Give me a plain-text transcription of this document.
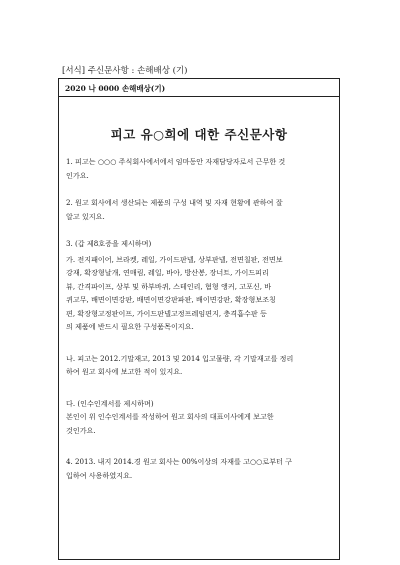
[서식] 주신문사항 : 손해배상 (기)
2020 나 0000 손해배상(기)
피고 유○희에 대한 주신문사항

1. 피고는 ○○○ 주식회사에서에서 임마동안 자재담당자로서 근무한 것
인가요.

2. 원고 회사에서 생산되는 제품의 구성 내역 및 자재 현황에 관하여 잘
알고 있지요.

3. (갑 제8호증을 제시하며)

가. 전지패이어, 브라켓, 레일, 가이드판넬, 상부판넬, 전면칠판, 전면보
강재, 확장형날개, 연매림, 레일, 바아, 방산봉, 장너트, 가이드피리
뷰, 간격파이프, 상부 및 하부바퀴, 스테인리, 혐형 앵커, 고포신, 바
퀴고무, 배면이면강판, 배면이면강판파판, 배이면강판, 확장형보조칭
편, 확장형고정판이프, 가이드판넬고정프레임편지, 충격흡수판 등
의 제품에 반드시 필요한 구성품목이지요.

나. 피고는 2012.기말재고, 2013 및 2014 입고물량, 각 기말재고를 정리
하여 원고 회사에 보고한 적이 있지요.

다. (인수인계서를 제시하며)
본인이 위 인수인계서를 작성하여 원고 회사의 대표이사에게 보고한
것인가요.

4. 2013. 내지 2014.경 원고 회사는 00%이상의 자재를 고○○로부터 구
입하여 사용하였지요.
